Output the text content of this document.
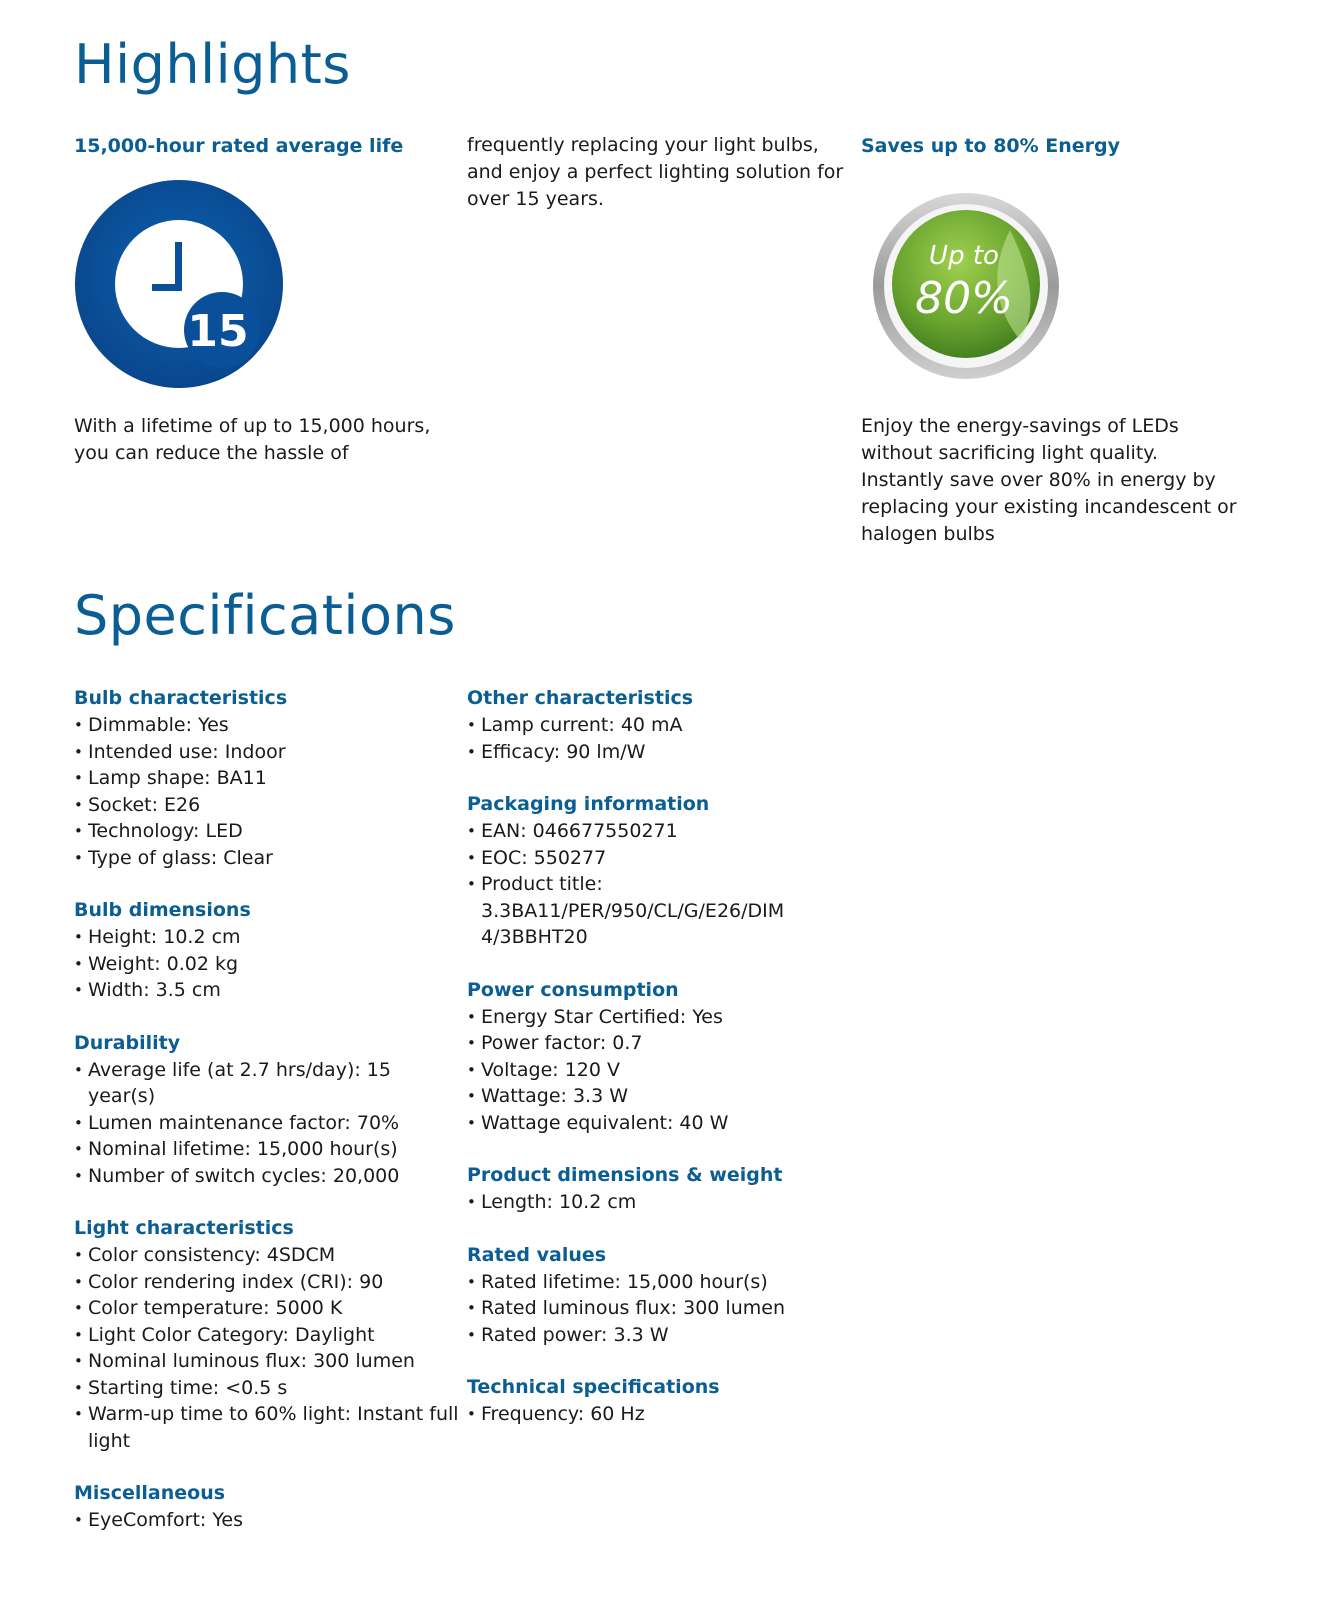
Highlights

15,000-hour rated average life

15

With a lifetime of up to 15,000 hours, you can reduce the hassle of

frequently replacing your light bulbs, and enjoy a perfect lighting solution for over 15 years.

Saves up to 80% Energy

Up to
80%

Enjoy the energy-savings of LEDs without sacrificing light quality. Instantly save over 80% in energy by replacing your existing incandescent or halogen bulbs

Specifications

Bulb characteristics

• Dimmable: Yes
• Intended use: Indoor
• Lamp shape: BA11
• Socket: E26
• Technology: LED
• Type of glass: Clear

Bulb dimensions

• Height: 10.2 cm
• Weight: 0.02 kg
• Width: 3.5 cm

Durability

• Average life (at 2.7 hrs/day): 15 year(s)
• Lumen maintenance factor: 70%
• Nominal lifetime: 15,000 hour(s)
• Number of switch cycles: 20,000

Light characteristics

• Color consistency: 4SDCM
• Color rendering index (CRI): 90
• Color temperature: 5000 K
• Light Color Category: Daylight
• Nominal luminous flux: 300 lumen
• Starting time: <0.5 s
• Warm-up time to 60% light: Instant full light

Miscellaneous

• EyeComfort: Yes

Other characteristics

• Lamp current: 40 mA
• Efficacy: 90 lm/W

Packaging information

• EAN: 046677550271
• EOC: 550277
• Product title: 3.3BA11/PER/950/CL/G/E26/DIM 4/3BBHT20

Power consumption

• Energy Star Certified: Yes
• Power factor: 0.7
• Voltage: 120 V
• Wattage: 3.3 W
• Wattage equivalent: 40 W

Product dimensions & weight

• Length: 10.2 cm

Rated values

• Rated lifetime: 15,000 hour(s)
• Rated luminous flux: 300 lumen
• Rated power: 3.3 W

Technical specifications

• Frequency: 60 Hz
